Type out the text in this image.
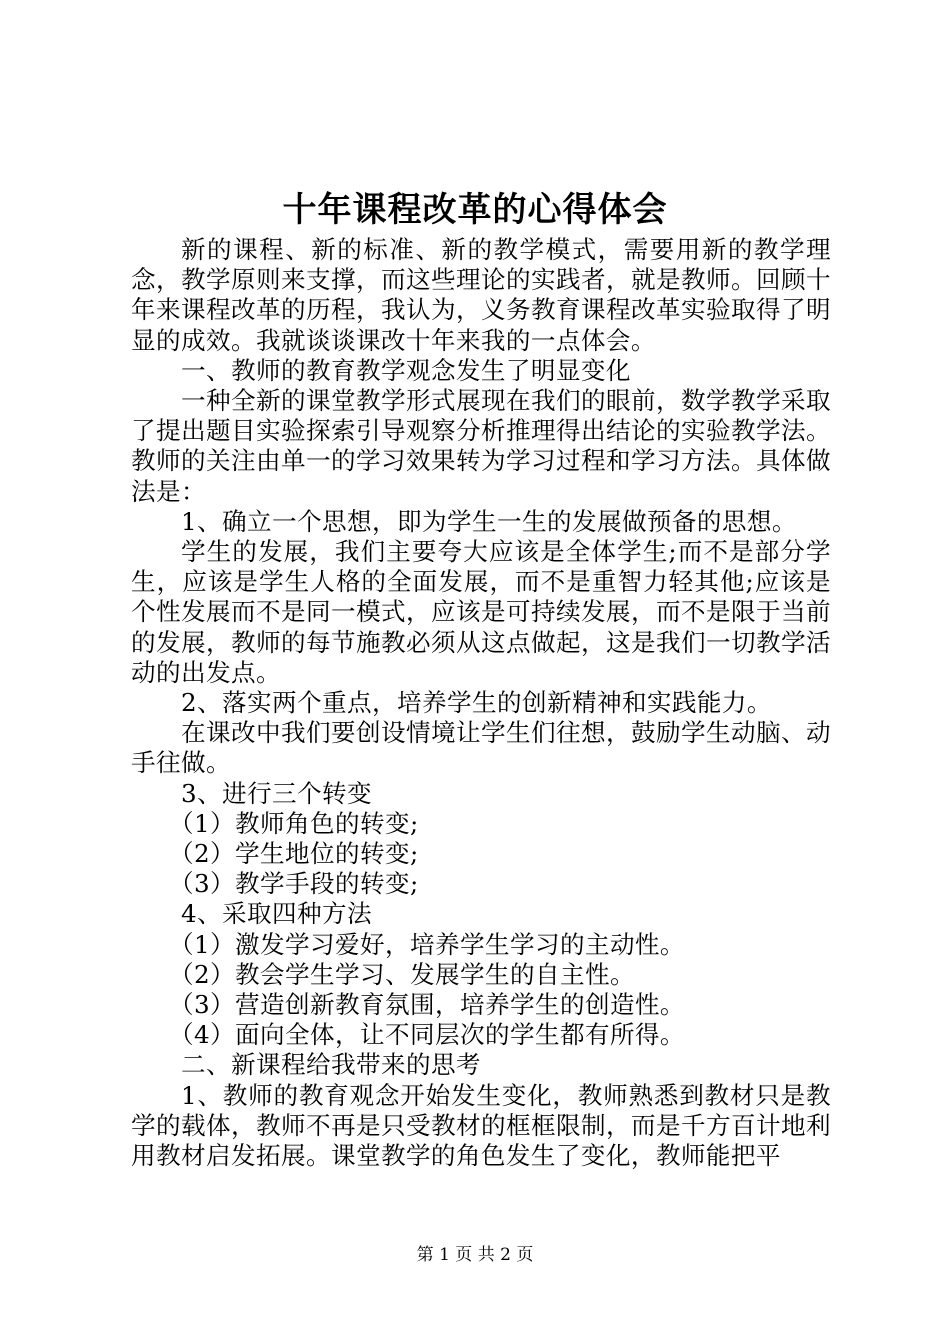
十年课程改革的心得体会

新的课程、新的标准、新的教学模式，需要用新的教学理念，教学原则来支撑，而这些理论的实践者，就是教师。回顾十年来课程改革的历程，我认为，义务教育课程改革实验取得了明显的成效。我就谈谈课改十年来我的一点体会。

一、教师的教育教学观念发生了明显变化

一种全新的课堂教学形式展现在我们的眼前，数学教学采取了提出题目实验探索引导观察分析推理得出结论的实验教学法。教师的关注由单一的学习效果转为学习过程和学习方法。具体做法是：

1、确立一个思想，即为学生一生的发展做预备的思想。

学生的发展，我们主要夸大应该是全体学生;而不是部分学生，应该是学生人格的全面发展，而不是重智力轻其他;应该是个性发展而不是同一模式，应该是可持续发展，而不是限于当前的发展，教师的每节施教必须从这点做起，这是我们一切教学活动的出发点。

2、落实两个重点，培养学生的创新精神和实践能力。

在课改中我们要创设情境让学生们往想，鼓励学生动脑、动手往做。

3、进行三个转变

（1）教师角色的转变;

（2）学生地位的转变;

（3）教学手段的转变;

4、采取四种方法

（1）激发学习爱好，培养学生学习的主动性。

（2）教会学生学习、发展学生的自主性。

（3）营造创新教育氛围，培养学生的创造性。

（4）面向全体，让不同层次的学生都有所得。

二、新课程给我带来的思考

1、教师的教育观念开始发生变化，教师熟悉到教材只是教学的载体，教师不再是只受教材的框框限制，而是千方百计地利用教材启发拓展。课堂教学的角色发生了变化，教师能把平

第 1 页 共 2 页
